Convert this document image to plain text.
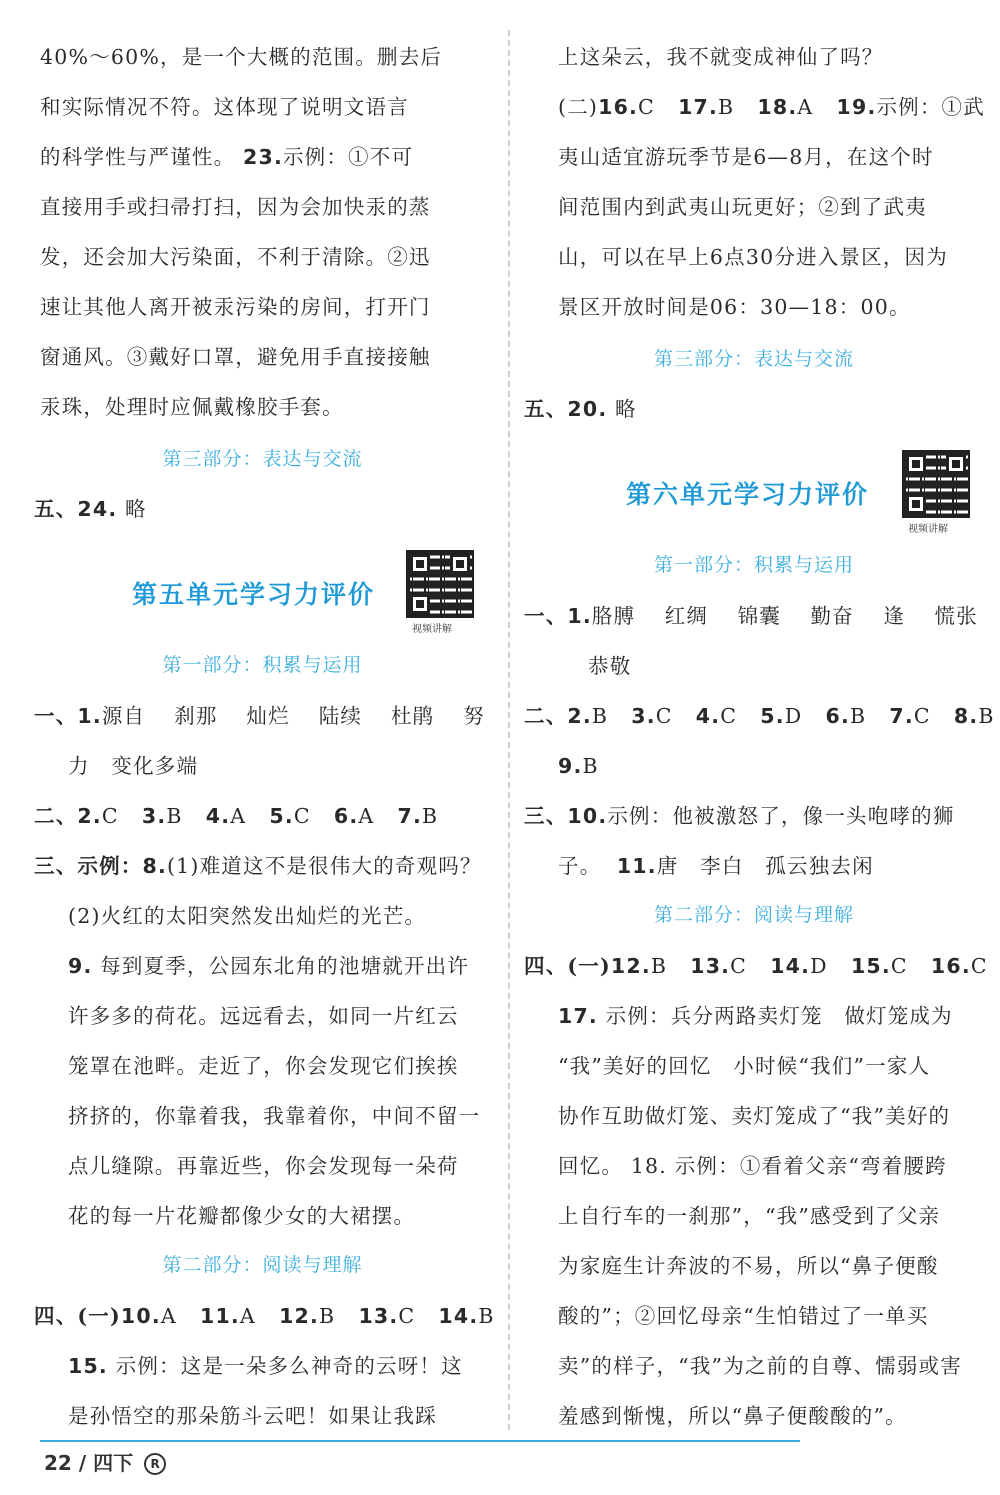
40%～60%，是一个大概的范围。删去后
和实际情况不符。这体现了说明文语言
的科学性与严谨性。 23.示例：①不可
直接用手或扫帚打扫，因为会加快汞的蒸
发，还会加大污染面，不利于清除。②迅
速让其他人离开被汞污染的房间，打开门
窗通风。③戴好口罩，避免用手直接接触
汞珠，处理时应佩戴橡胶手套。
第三部分：表达与交流
五、24. 略
第五单元学习力评价
视频讲解
第一部分：积累与运用
一、1.源自 刹那 灿烂 陆续 杜鹃 努
力  变化多端
二、2.C 3.B 4.A 5.C 6.A 7.B
三、示例：8.(1)难道这不是很伟大的奇观吗？
(2)火红的太阳突然发出灿烂的光芒。
9. 每到夏季，公园东北角的池塘就开出许
许多多的荷花。远远看去，如同一片红云
笼罩在池畔。走近了，你会发现它们挨挨
挤挤的，你靠着我，我靠着你，中间不留一
点儿缝隙。再靠近些，你会发现每一朵荷
花的每一片花瓣都像少女的大裙摆。
第二部分：阅读与理解
四、(一)10.A 11.A 12.B 13.C 14.B
15. 示例：这是一朵多么神奇的云呀！这
是孙悟空的那朵筋斗云吧！如果让我踩
上这朵云，我不就变成神仙了吗？
(二)16.C 17.B 18.A 19.示例：①武
夷山适宜游玩季节是6—8月，在这个时
间范围内到武夷山玩更好；②到了武夷
山，可以在早上6点30分进入景区，因为
景区开放时间是06：30—18：00。
第三部分：表达与交流
五、20. 略
第六单元学习力评价
视频讲解
第一部分：积累与运用
一、1.胳膊 红绸 锦囊 勤奋 逢 慌张
恭敬
二、2.B 3.C 4.C 5.D 6.B 7.C 8.B
9.B
三、10.示例：他被激怒了，像一头咆哮的狮
子。 11.唐  李白  孤云独去闲
第二部分：阅读与理解
四、(一)12.B 13.C 14.D 15.C 16.C
17. 示例：兵分两路卖灯笼　做灯笼成为
“我”美好的回忆　小时候“我们”一家人
协作互助做灯笼、卖灯笼成了“我”美好的
回忆。 18. 示例：①看着父亲“弯着腰跨
上自行车的一刹那”，“我”感受到了父亲
为家庭生计奔波的不易，所以“鼻子便酸
酸的”；②回忆母亲“生怕错过了一单买
卖”的样子，“我”为之前的自尊、懦弱或害
羞感到惭愧，所以“鼻子便酸酸的”。
22 / 四下 R
